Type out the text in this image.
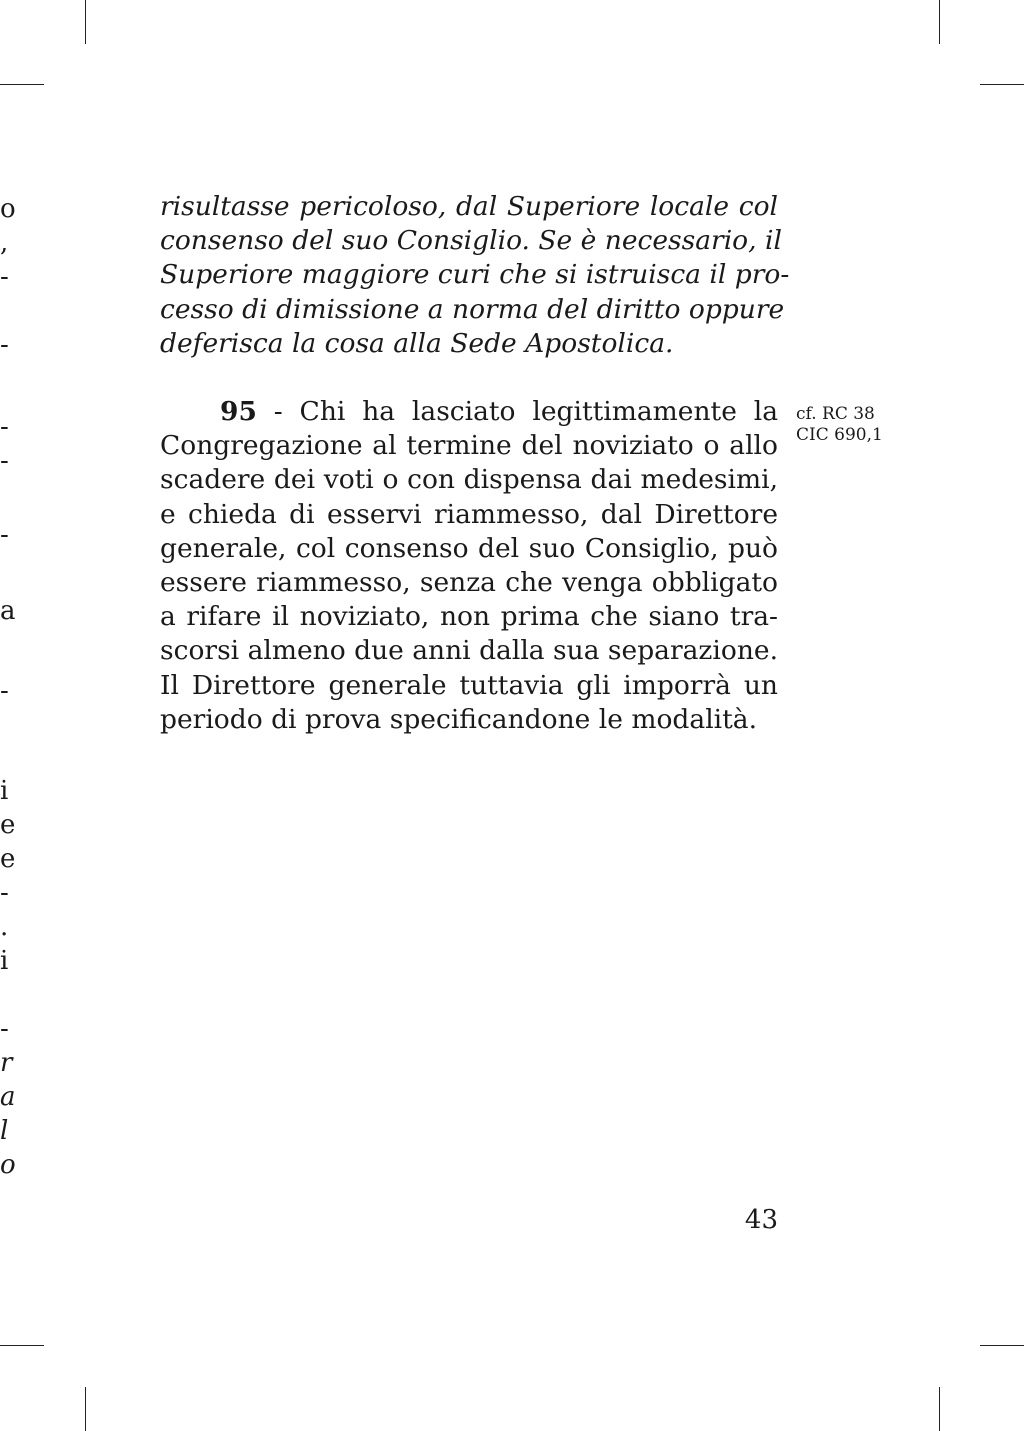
o
,
-
-
-
-
-
a
-
i
e
e
-
.
i
-
r
a
l
o
risultasse pericoloso, dal Superiore locale col
consenso del suo Consiglio. Se è necessario, il
Superiore maggiore curi che si istruisca il pro-
cesso di dimissione a norma del diritto oppure
deferisca la cosa alla Sede Apostolica.
95 - Chi ha lasciato legittimamente la
Congregazione al termine del noviziato o allo
scadere dei voti o con dispensa dai medesimi,
e chieda di esservi riammesso, dal Direttore
generale, col consenso del suo Consiglio, può
essere riammesso, senza che venga obbligato
a rifare il noviziato, non prima che siano tra-
scorsi almeno due anni dalla sua separazione.
Il Direttore generale tuttavia gli imporrà un
periodo di prova specificandone le modalità.
cf. RC 38
CIC 690,1
43
